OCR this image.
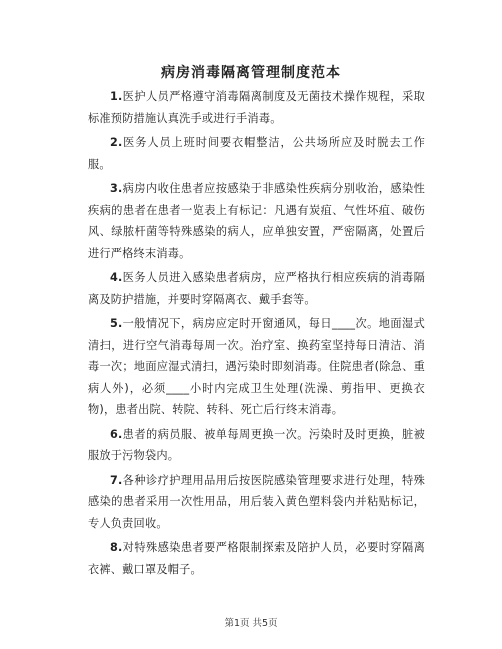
病房消毒隔离管理制度范本

1.医护人员严格遵守消毒隔离制度及无菌技术操作规程，采取标准预防措施认真洗手或进行手消毒。

2.医务人员上班时间要衣帽整洁，公共场所应及时脱去工作服。

3.病房内收住患者应按感染于非感染性疾病分别收治，感染性疾病的患者在患者一览表上有标记：凡遇有炭疽、气性坏疽、破伤风、绿脓杆菌等特殊感染的病人，应单独安置，严密隔离，处置后进行严格终末消毒。

4.医务人员进入感染患者病房，应严格执行相应疾病的消毒隔离及防护措施，并要时穿隔离衣、戴手套等。

5.一般情况下，病房应定时开窗通风，每日____次。地面湿式清扫，进行空气消毒每周一次。治疗室、换药室坚持每日清洁、消毒一次；地面应湿式清扫，遇污染时即刻消毒。住院患者(除急、重病人外)，必须____小时内完成卫生处理(洗澡、剪指甲、更换衣物)，患者出院、转院、转科、死亡后行终末消毒。

6.患者的病员服、被单每周更换一次。污染时及时更换，脏被服放于污物袋内。

7.各种诊疗护理用品用后按医院感染管理要求进行处理，特殊感染的患者采用一次性用品，用后装入黄色塑料袋内并粘贴标记，专人负责回收。

8.对特殊感染患者要严格限制探索及陪护人员，必要时穿隔离衣裤、戴口罩及帽子。

第1页 共5页
